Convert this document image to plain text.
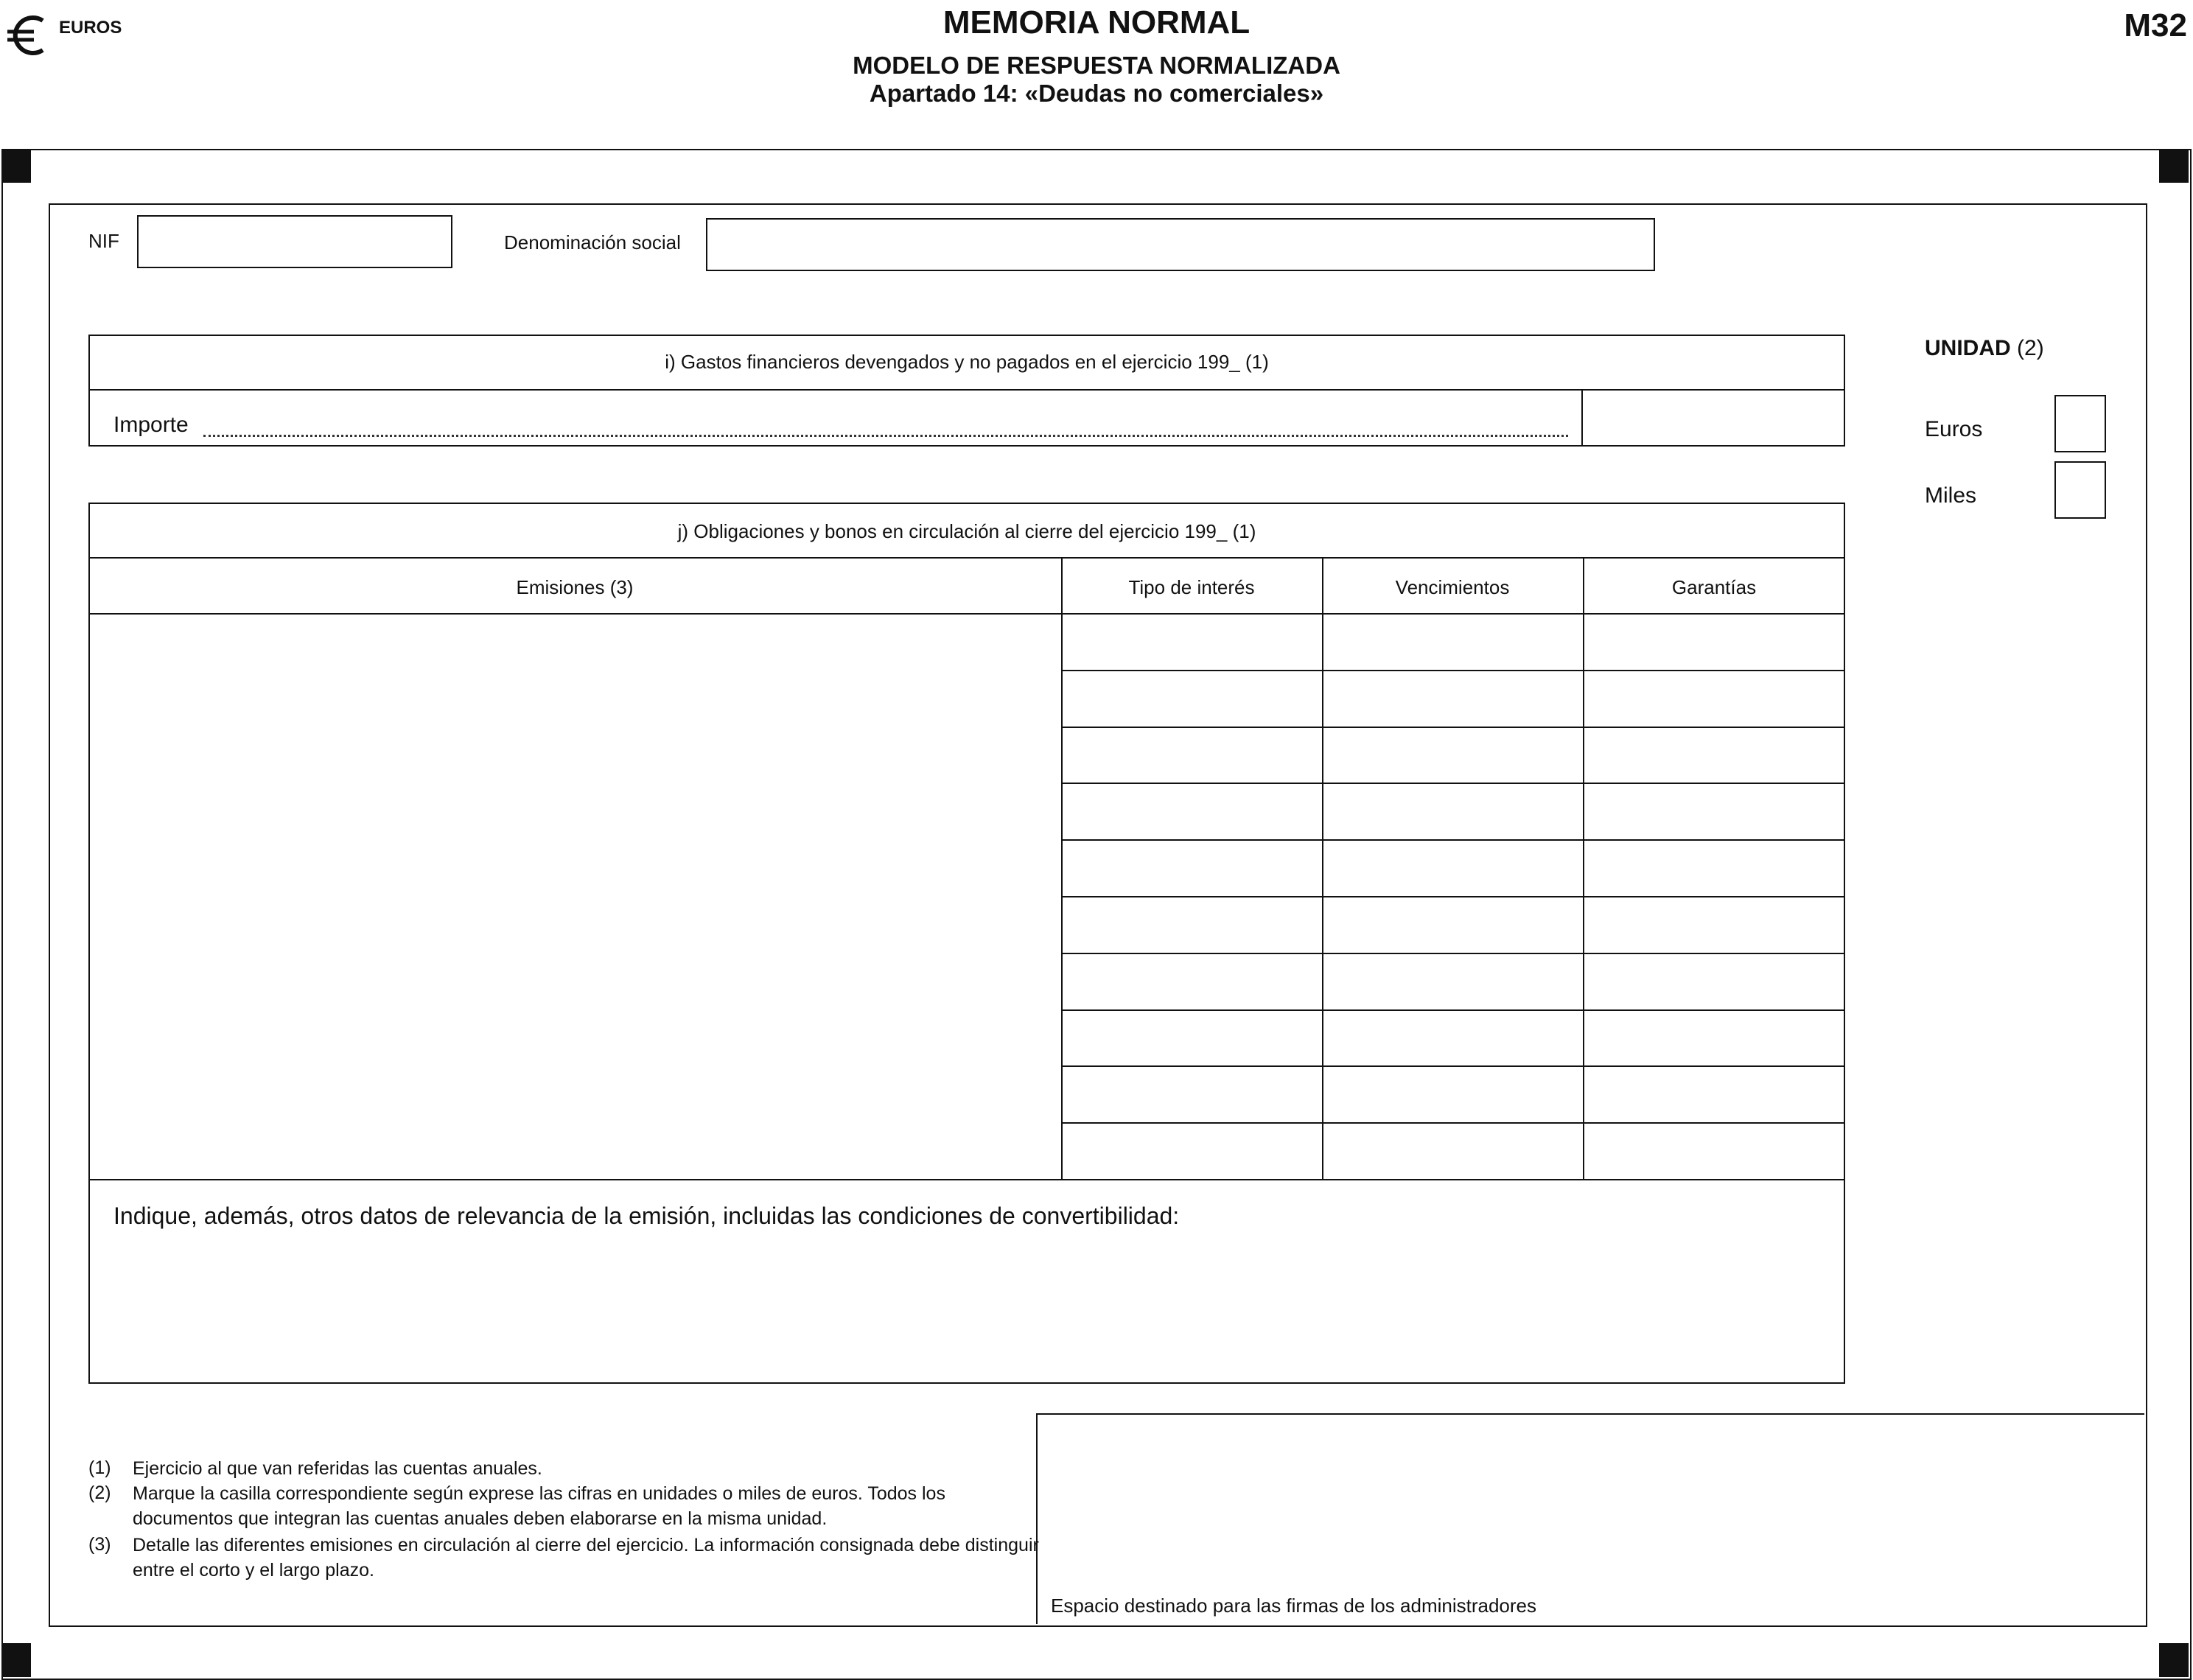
EUROS	MEMORIA NORMAL
MODELO DE RESPUESTA NORMALIZADA
Apartado 14: «Deudas no comerciales»
M32
NIF	Denominación social
i) Gastos financieros devengados y no pagados en el ejercicio 199_ (1)
Importe
UNIDAD (2)
Euros
Miles
j) Obligaciones y bonos en circulación al cierre del ejercicio 199_ (1)
Emisiones (3)	Tipo de interés	Vencimientos	Garantías
Indique, además, otros datos de relevancia de la emisión, incluidas las condiciones de convertibilidad:
(1) Ejercicio al que van referidas las cuentas anuales.
(2) Marque la casilla correspondiente según exprese las cifras en unidades o miles de euros. Todos los documentos que integran las cuentas anuales deben elaborarse en la misma unidad.
(3) Detalle las diferentes emisiones en circulación al cierre del ejercicio. La información consignada debe distinguir entre el corto y el largo plazo.
Espacio destinado para las firmas de los administradores
